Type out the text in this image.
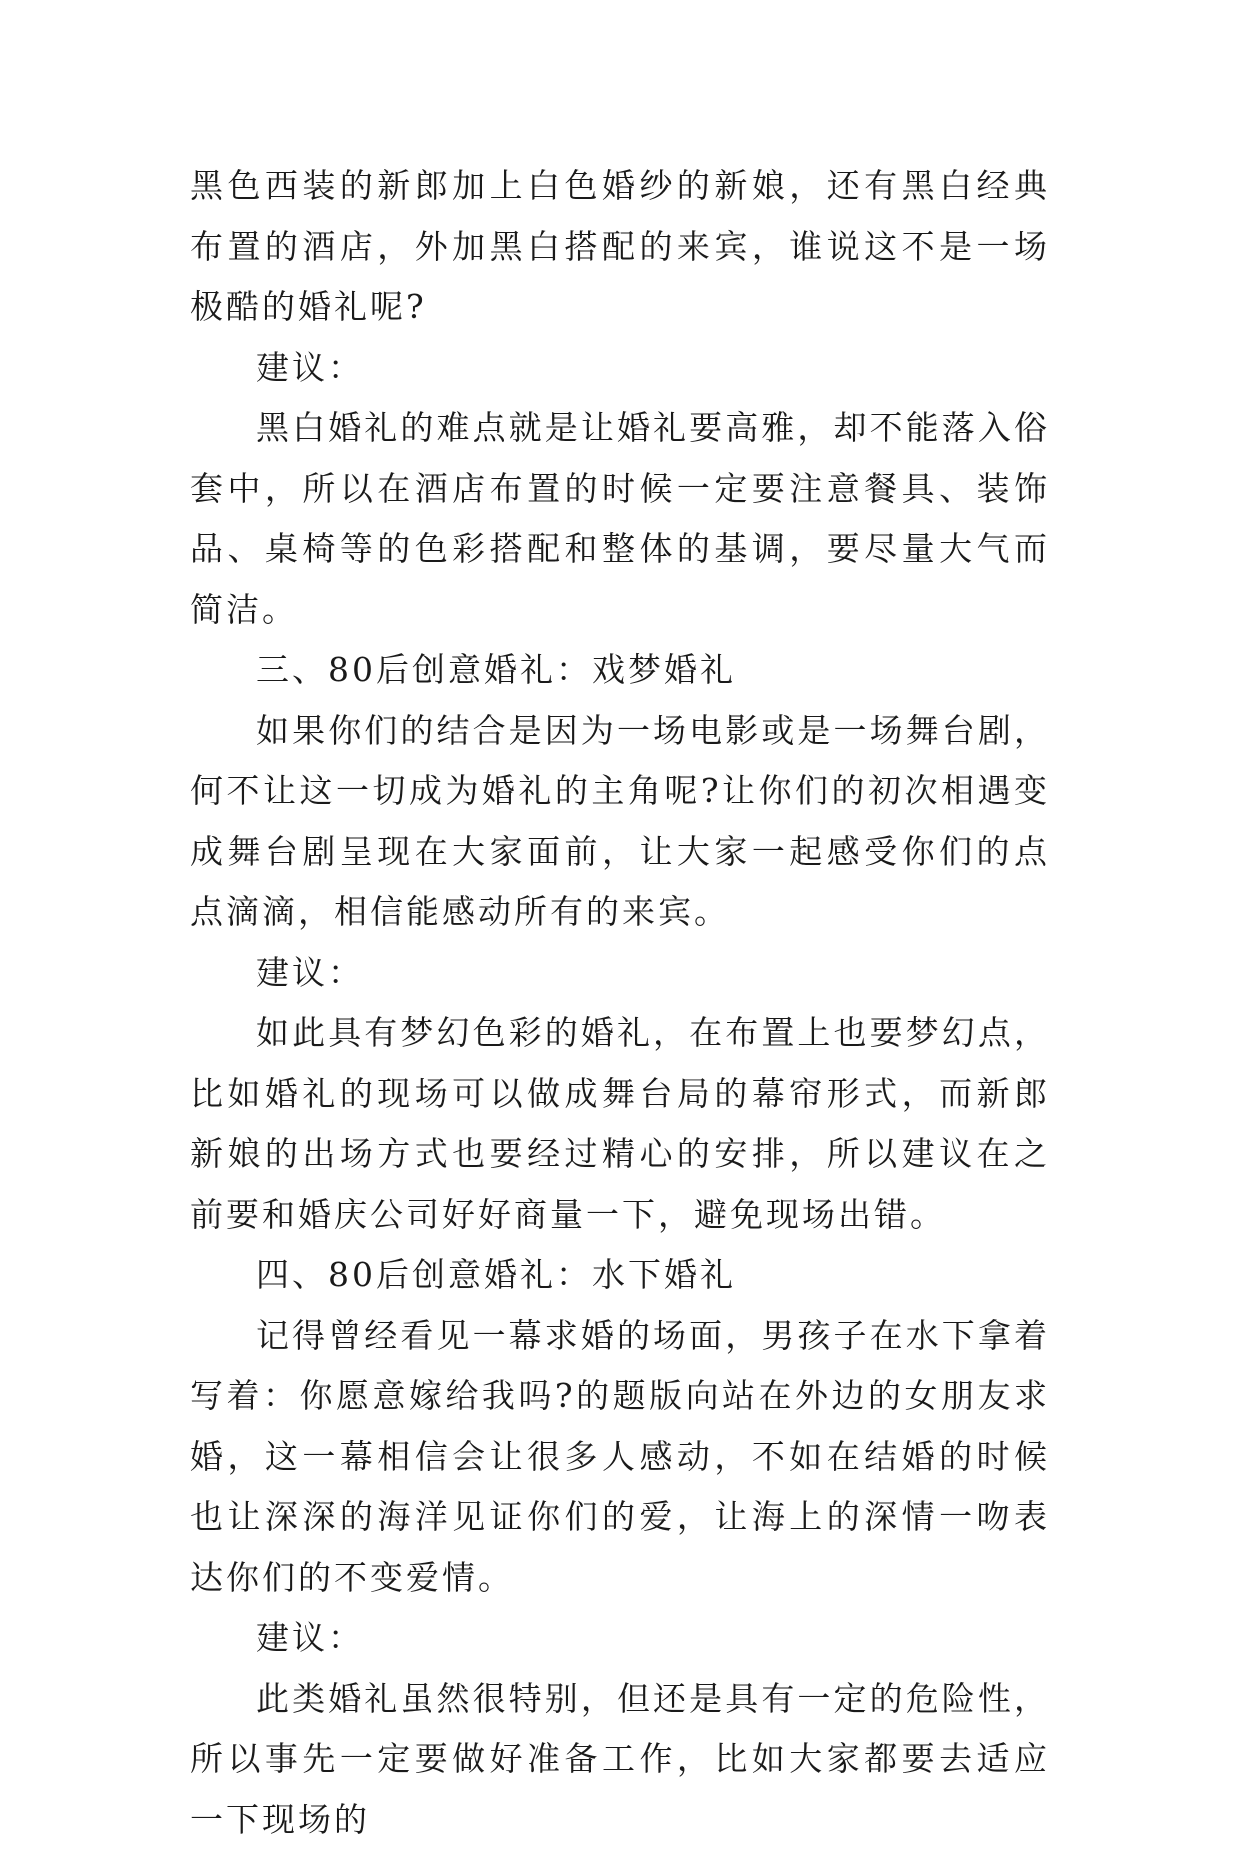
黑色西装的新郎加上白色婚纱的新娘，还有黑白经典布置的酒店，外加黑白搭配的来宾，谁说这不是一场极酷的婚礼呢?

建议：

黑白婚礼的难点就是让婚礼要高雅，却不能落入俗套中，所以在酒店布置的时候一定要注意餐具、装饰品、桌椅等的色彩搭配和整体的基调，要尽量大气而简洁。

三、80后创意婚礼：戏梦婚礼

如果你们的结合是因为一场电影或是一场舞台剧，何不让这一切成为婚礼的主角呢?让你们的初次相遇变成舞台剧呈现在大家面前，让大家一起感受你们的点点滴滴，相信能感动所有的来宾。

建议：

如此具有梦幻色彩的婚礼，在布置上也要梦幻点，比如婚礼的现场可以做成舞台局的幕帘形式，而新郎新娘的出场方式也要经过精心的安排，所以建议在之前要和婚庆公司好好商量一下，避免现场出错。

四、80后创意婚礼：水下婚礼

记得曾经看见一幕求婚的场面，男孩子在水下拿着写着：你愿意嫁给我吗?的题版向站在外边的女朋友求婚，这一幕相信会让很多人感动，不如在结婚的时候也让深深的海洋见证你们的爱，让海上的深情一吻表达你们的不变爱情。

建议：

此类婚礼虽然很特别，但还是具有一定的危险性，所以事先一定要做好准备工作，比如大家都要去适应一下现场的
